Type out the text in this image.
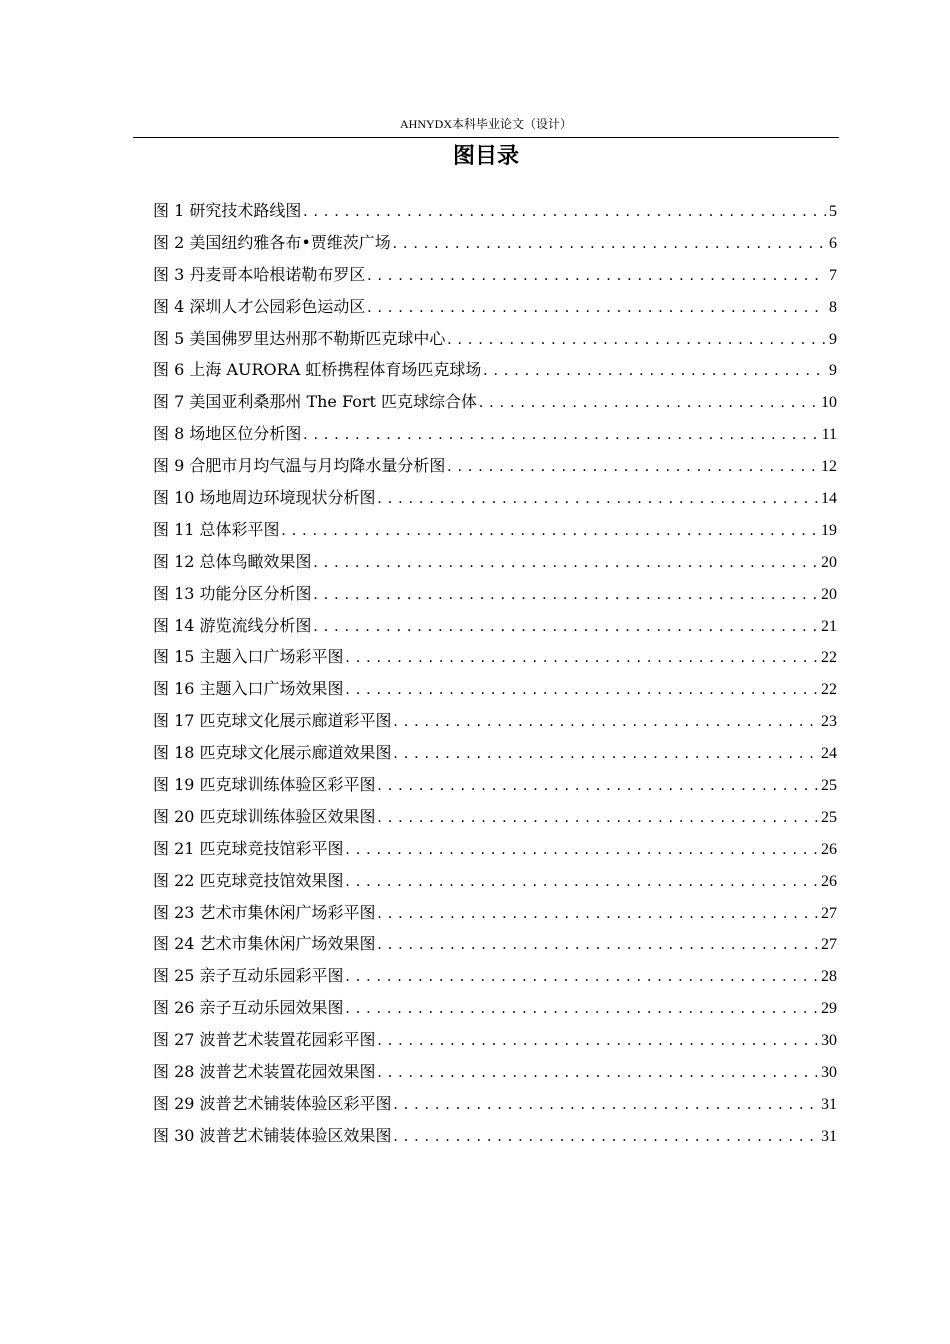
AHNYDX本科毕业论文（设计）
图目录
图 1 研究技术路线图 . . .	5
图 2 美国纽约雅各布•贾维茨广场 . . .	6
图 3 丹麦哥本哈根诺勒布罗区 . . .	7
图 4 深圳人才公园彩色运动区 . . .	8
图 5 美国佛罗里达州那不勒斯匹克球中心 . . .	9
图 6 上海 AURORA 虹桥携程体育场匹克球场 . . .	9
图 7 美国亚利桑那州 The Fort 匹克球综合体 . . .	10
图 8 场地区位分析图 . . .	11
图 9 合肥市月均气温与月均降水量分析图 . . .	12
图 10 场地周边环境现状分析图 . . .	14
图 11 总体彩平图 . . .	19
图 12 总体鸟瞰效果图 . . .	20
图 13 功能分区分析图 . . .	20
图 14 游览流线分析图 . . .	21
图 15 主题入口广场彩平图 . . .	22
图 16 主题入口广场效果图 . . .	22
图 17 匹克球文化展示廊道彩平图 . . .	23
图 18 匹克球文化展示廊道效果图 . . .	24
图 19 匹克球训练体验区彩平图 . . .	25
图 20 匹克球训练体验区效果图 . . .	25
图 21 匹克球竞技馆彩平图 . . .	26
图 22 匹克球竞技馆效果图 . . .	26
图 23 艺术市集休闲广场彩平图 . . .	27
图 24 艺术市集休闲广场效果图 . . .	27
图 25 亲子互动乐园彩平图 . . .	28
图 26 亲子互动乐园效果图 . . .	29
图 27 波普艺术装置花园彩平图 . . .	30
图 28 波普艺术装置花园效果图 . . .	30
图 29 波普艺术铺装体验区彩平图 . . .	31
图 30 波普艺术铺装体验区效果图 . . .	31
